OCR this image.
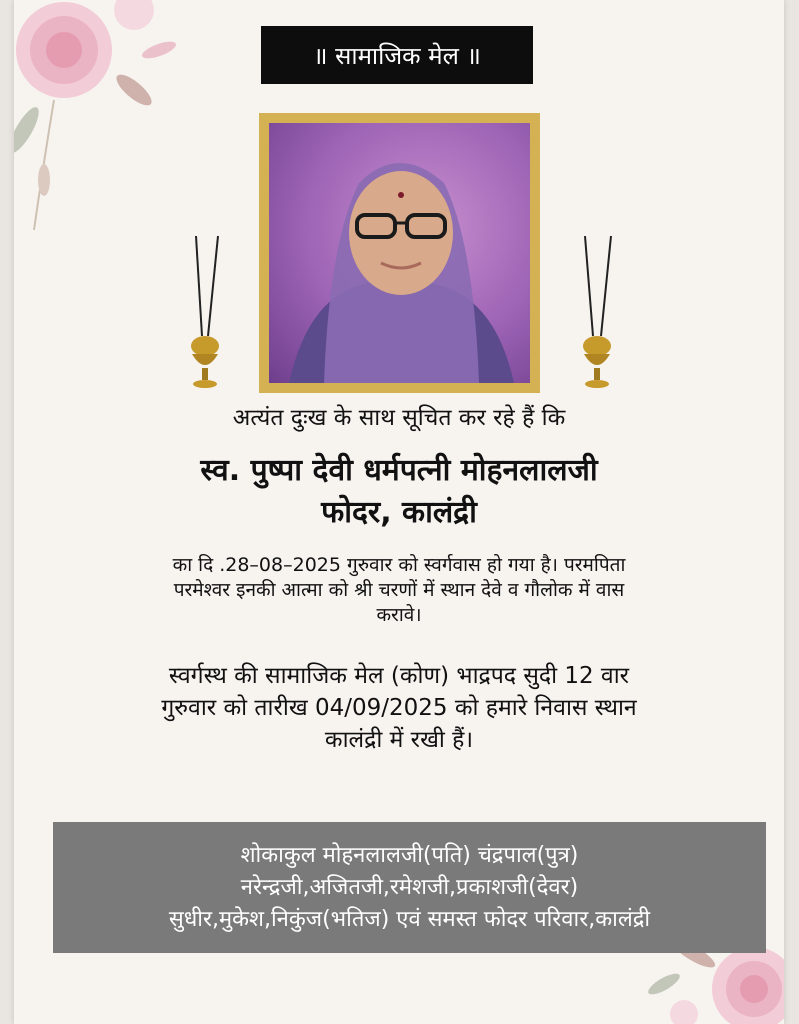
॥ सामाजिक मेल ॥
अत्यंत दुःख के साथ सूचित कर रहे हैं कि
स्व. पुष्पा देवी धर्मपत्नी मोहनलालजी
फोदर, कालंद्री
का दि .28–08–2025 गुरुवार को स्वर्गवास हो गया है। परमपिता
परमेश्वर इनकी आत्मा को श्री चरणों में स्थान देवे व गौलोक में वास
करावे।
स्वर्गस्थ की सामाजिक मेल (कोण) भाद्रपद सुदी 12 वार
गुरुवार को तारीख 04/09/2025 को हमारे निवास स्थान
कालंद्री में रखी हैं।
शोकाकुल मोहनलालजी(पति) चंद्रपाल(पुत्र)
नरेन्द्रजी,अजितजी,रमेशजी,प्रकाशजी(देवर)
सुधीर,मुकेश,निकुंज(भतिज) एवं समस्त फोदर परिवार,कालंद्री
